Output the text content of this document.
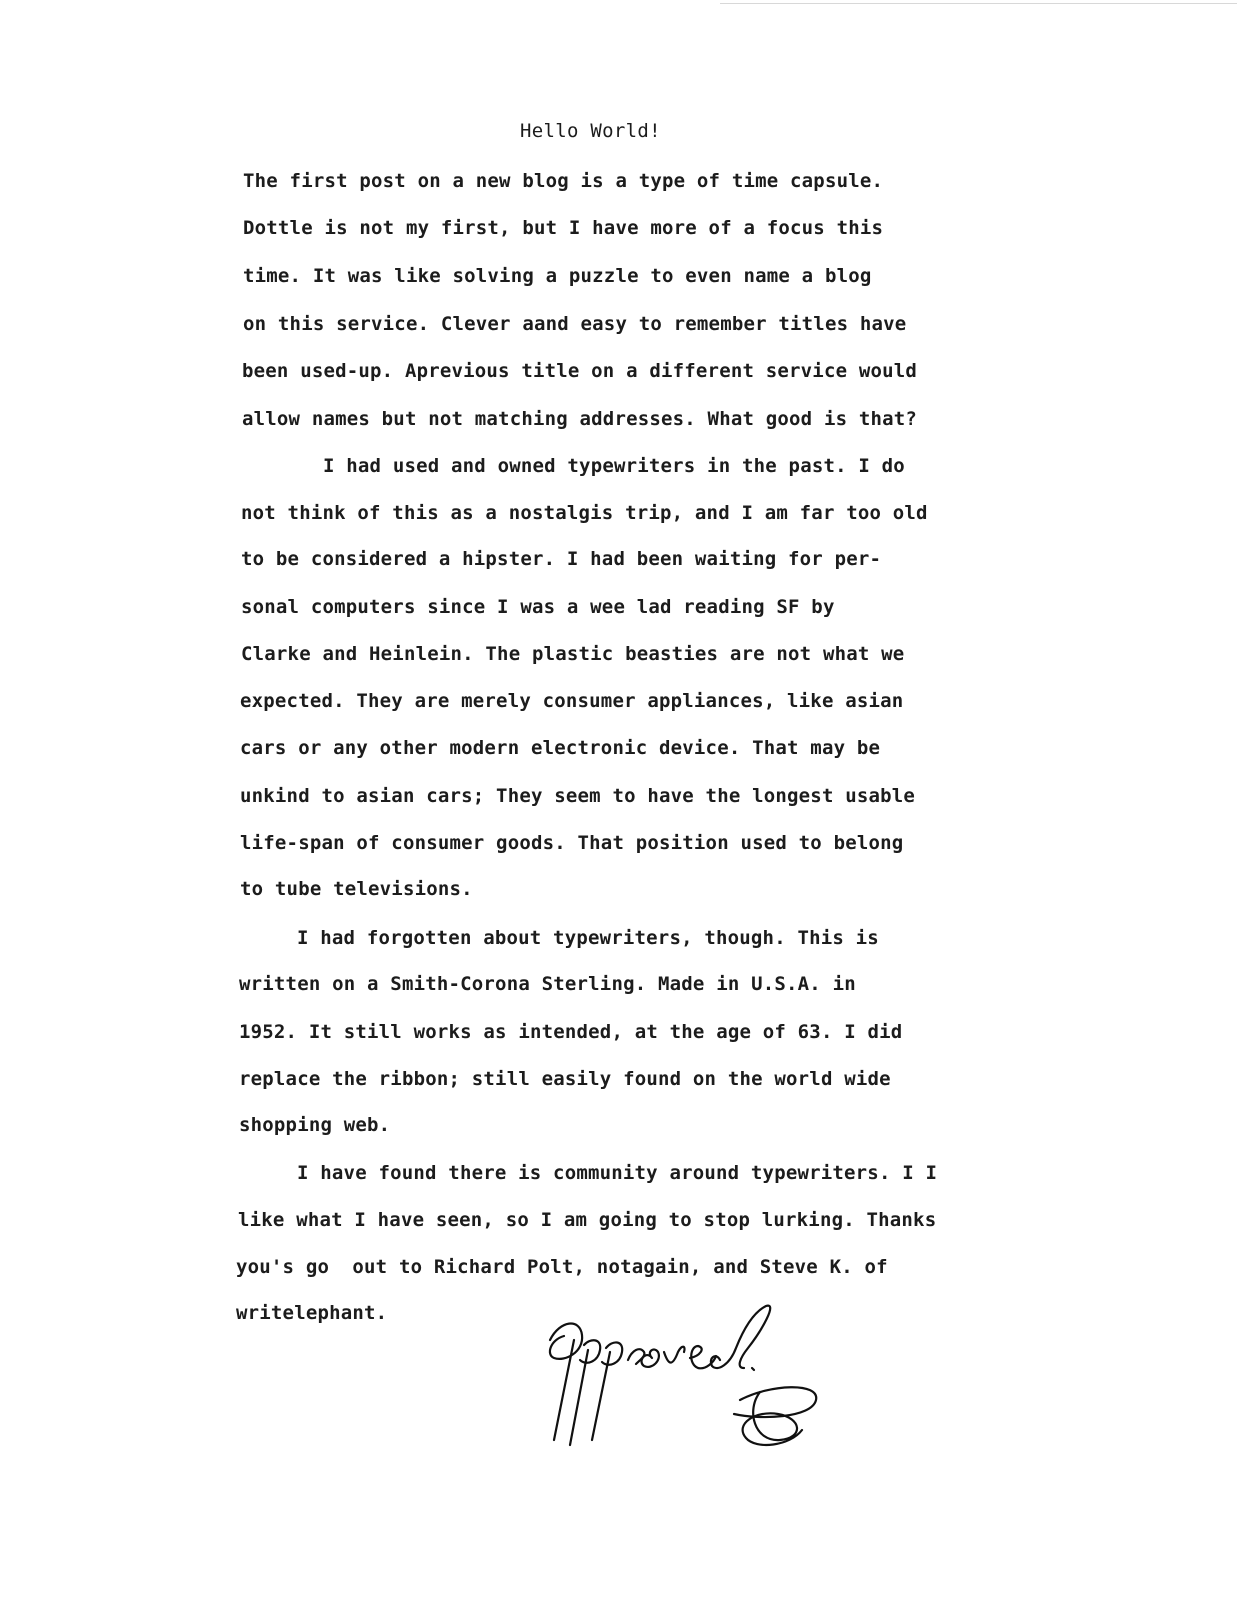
Hello World!
The first post on a new blog is a type of time capsule.
Dottle is not my first, but I have more of a focus this
time. It was like solving a puzzle to even name a blog
on this service. Clever aand easy to remember titles have
been used-up. Aprevious title on a different service would
allow names but not matching addresses. What good is that?
I had used and owned typewriters in the past. I do
not think of this as a nostalgis trip, and I am far too old
to be considered a hipster. I had been waiting for per-
sonal computers since I was a wee lad reading SF by
Clarke and Heinlein. The plastic beasties are not what we
expected. They are merely consumer appliances, like asian
cars or any other modern electronic device. That may be
unkind to asian cars; They seem to have the longest usable
life-span of consumer goods. That position used to belong
to tube televisions.
I had forgotten about typewriters, though. This is
written on a Smith-Corona Sterling. Made in U.S.A. in
1952. It still works as intended, at the age of 63. I did
replace the ribbon; still easily found on the world wide
shopping web.
I have found there is community around typewriters. I I
like what I have seen, so I am going to stop lurking. Thanks
you's go  out to Richard Polt, notagain, and Steve K. of
writelephant.
